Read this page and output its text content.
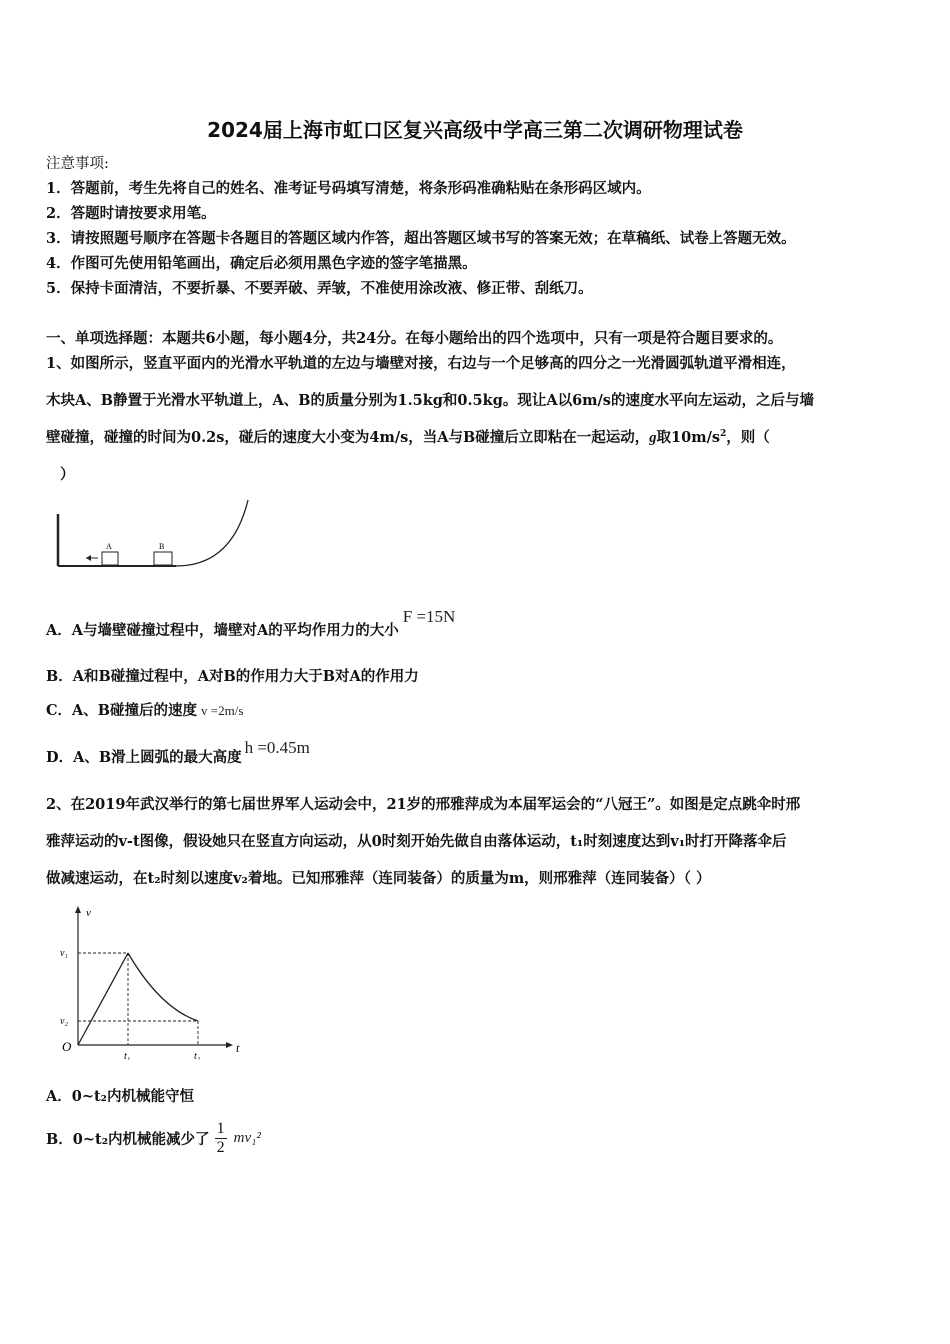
2024届上海市虹口区复兴高级中学高三第二次调研物理试卷
注意事项:
1．答题前，考生先将自己的姓名、准考证号码填写清楚，将条形码准确粘贴在条形码区域内。
2．答题时请按要求用笔。
3．请按照题号顺序在答题卡各题目的答题区域内作答，超出答题区域书写的答案无效；在草稿纸、试卷上答题无效。
4．作图可先使用铅笔画出，确定后必须用黑色字迹的签字笔描黑。
5．保持卡面清洁，不要折暴、不要弄破、弄皱，不准使用涂改液、修正带、刮纸刀。
一、单项选择题：本题共6小题，每小题4分，共24分。在每小题给出的四个选项中，只有一项是符合题目要求的。
1、如图所示，竖直平面内的光滑水平轨道的左边与墙壁对接，右边与一个足够高的四分之一光滑圆弧轨道平滑相连，
木块A、B静置于光滑水平轨道上，A、B的质量分别为1.5kg和0.5kg。现让A以6m/s的速度水平向左运动，之后与墙
壁碰撞，碰撞的时间为0.2s，碰后的速度大小变为4m/s，当A与B碰撞后立即粘在一起运动，g取$10m/s^2$，则（
）
A	B
A．A与墙壁碰撞过程中，墙壁对A的平均作用力的大小F =15N
B．A和B碰撞过程中，A对B的作用力大于B对A的作用力
C．A、B碰撞后的速度 v =2m/s
D．A、B滑上圆弧的最大高度h =0.45m
2、在2019年武汉举行的第七届世界军人运动会中，21岁的邢雅萍成为本届军运会的“八冠王”。如图是定点跳伞时邢
雅萍运动的v-t图像，假设她只在竖直方向运动，从0时刻开始先做自由落体运动，t₁时刻速度达到v₁时打开降落伞后
做减速运动，在t₂时刻以速度v₂着地。已知邢雅萍（连同装备）的质量为m，则邢雅萍（连同装备）（ ）
v
t
O
v₁
v₂
t₁	t₂
A．0~t₂内机械能守恒
B．0~t₂内机械能减少了 $\frac{1}{2} mv_1^2$
